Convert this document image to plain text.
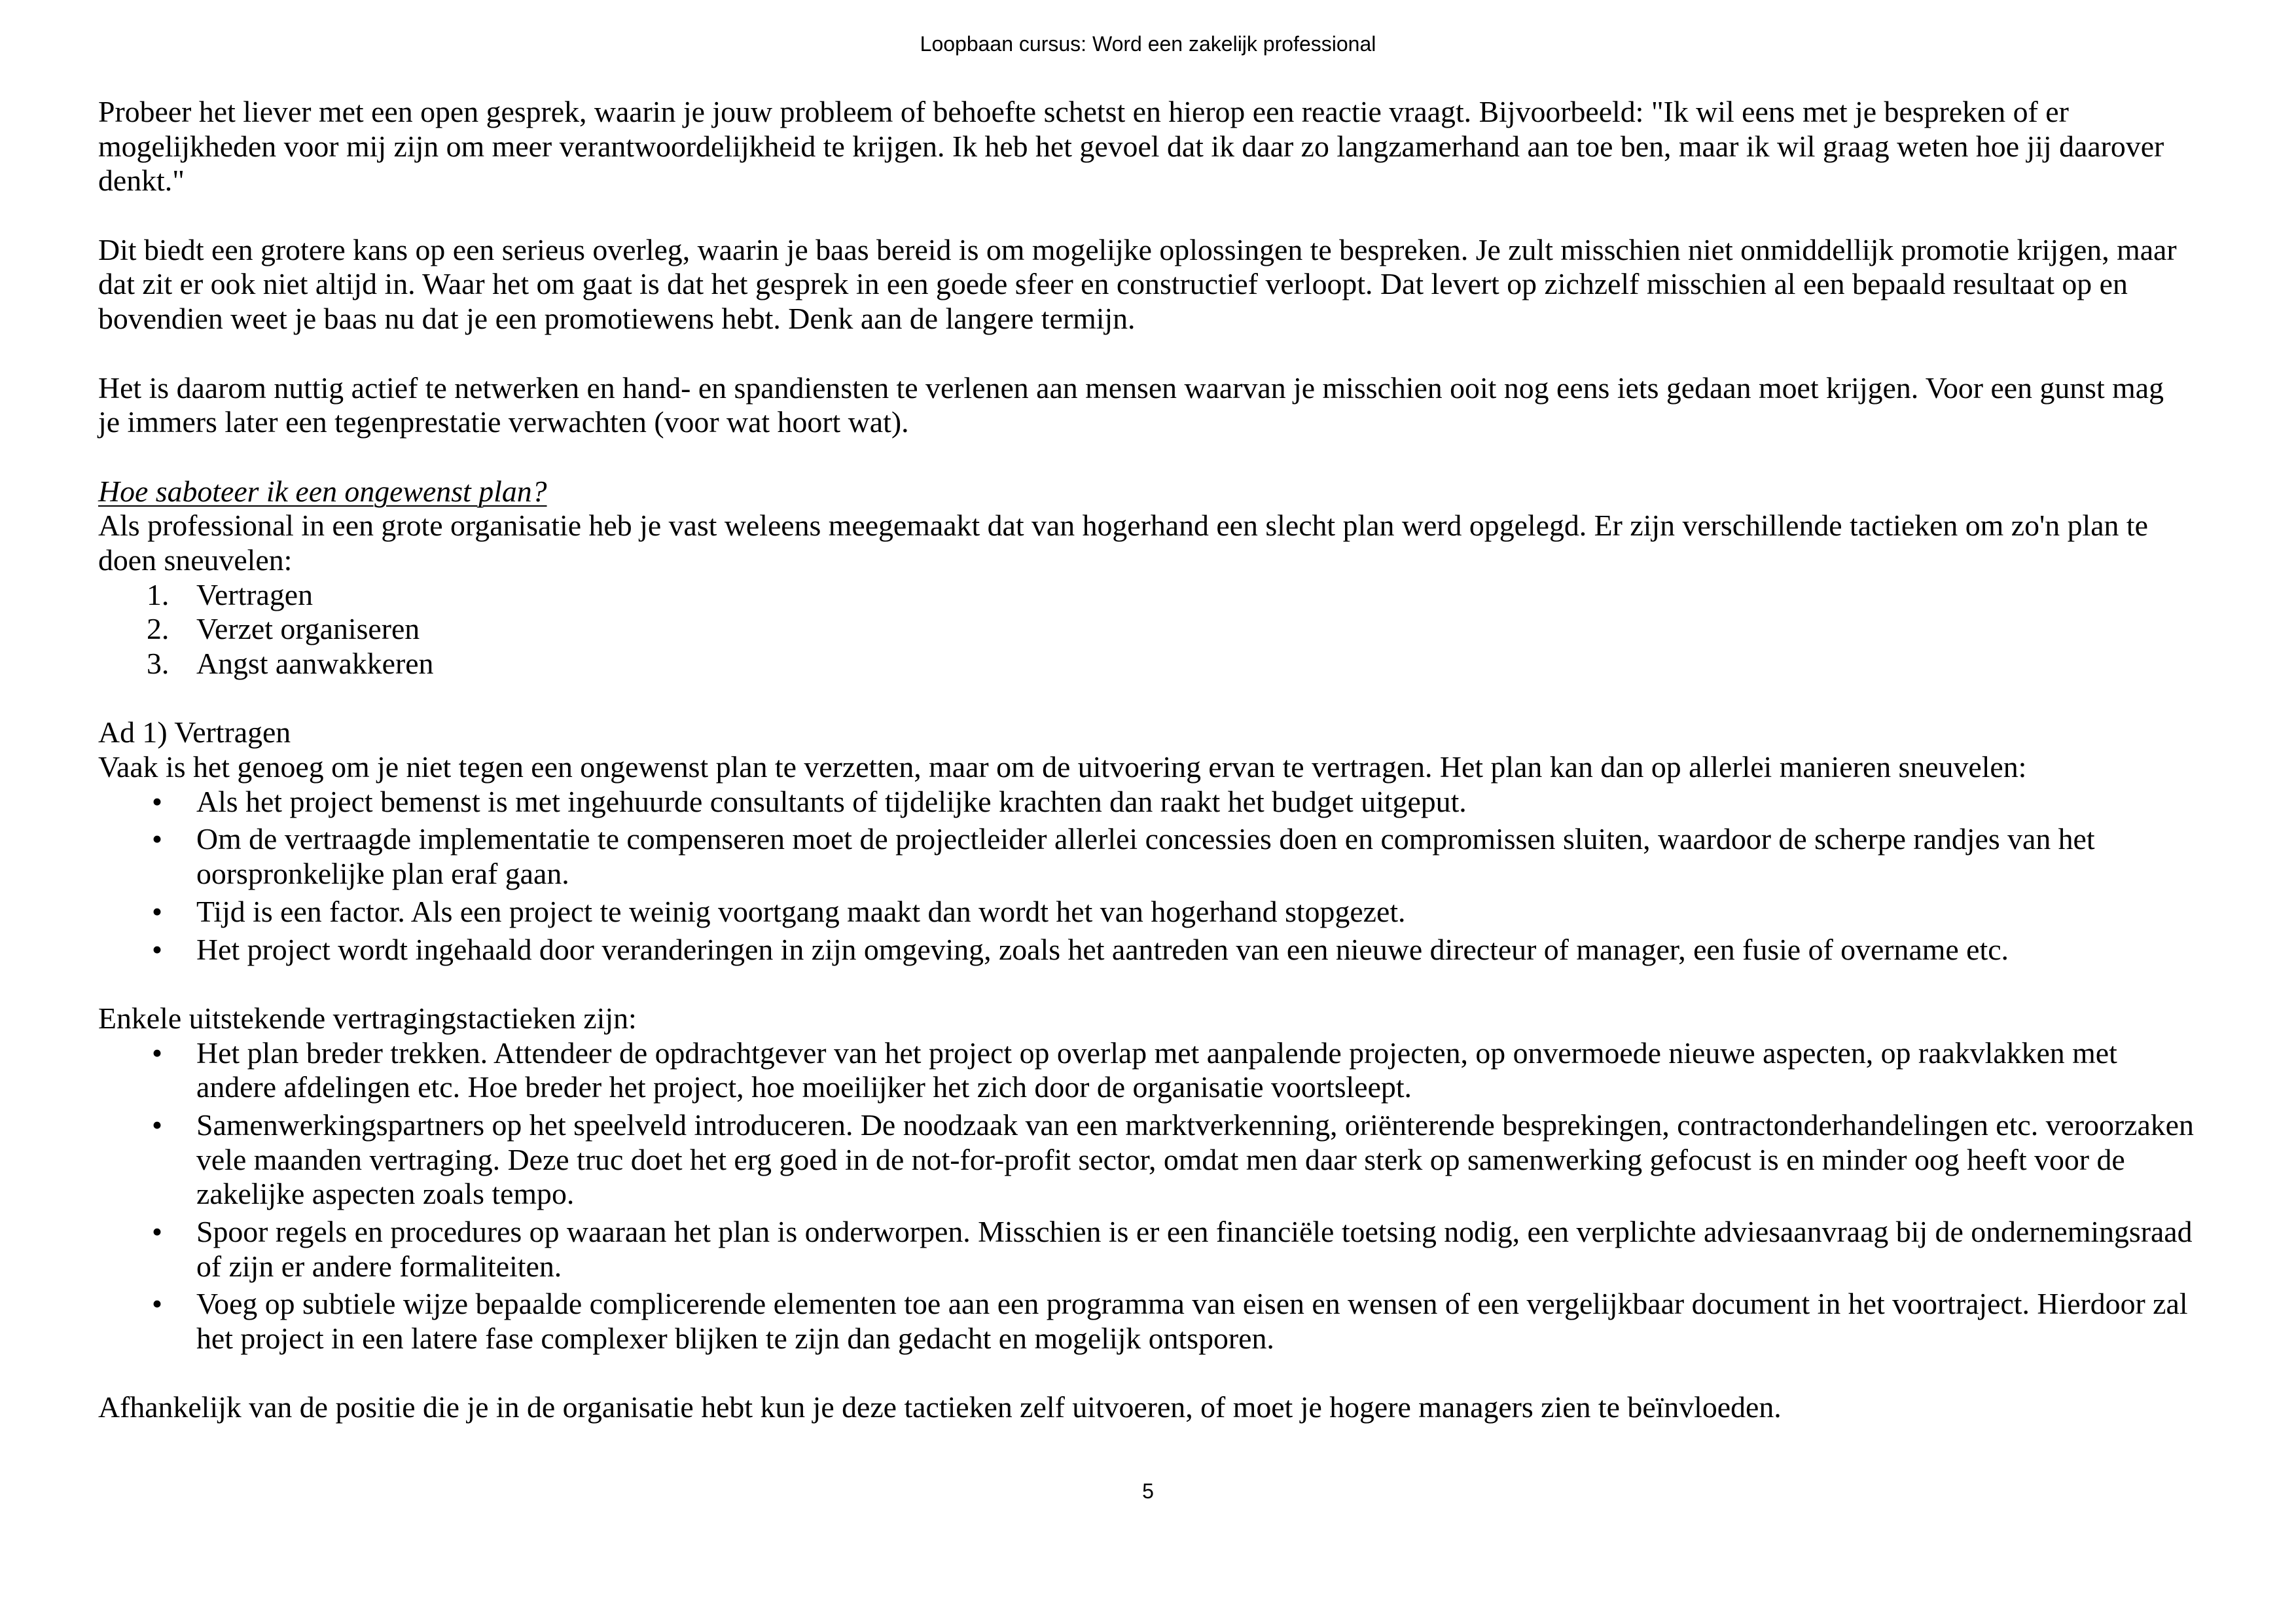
Loopbaan cursus: Word een zakelijk professional
Probeer het liever met een open gesprek, waarin je jouw probleem of behoefte schetst en hierop een reactie vraagt. Bijvoorbeeld: "Ik wil eens met je bespreken of er
mogelijkheden voor mij zijn om meer verantwoordelijkheid te krijgen. Ik heb het gevoel dat ik daar zo langzamerhand aan toe ben, maar ik wil graag weten hoe jij daarover
denkt."
Dit biedt een grotere kans op een serieus overleg, waarin je baas bereid is om mogelijke oplossingen te bespreken. Je zult misschien niet onmiddellijk promotie krijgen, maar
dat zit er ook niet altijd in. Waar het om gaat is dat het gesprek in een goede sfeer en constructief verloopt. Dat levert op zichzelf misschien al een bepaald resultaat op en
bovendien weet je baas nu dat je een promotiewens hebt. Denk aan de langere termijn.
Het is daarom nuttig actief te netwerken en hand- en spandiensten te verlenen aan mensen waarvan je misschien ooit nog eens iets gedaan moet krijgen. Voor een gunst mag
je immers later een tegenprestatie verwachten (voor wat hoort wat).
Hoe saboteer ik een ongewenst plan?
Als professional in een grote organisatie heb je vast weleens meegemaakt dat van hogerhand een slecht plan werd opgelegd. Er zijn verschillende tactieken om zo'n plan te
doen sneuvelen:
1. Vertragen
2. Verzet organiseren
3. Angst aanwakkeren
Ad 1) Vertragen
Vaak is het genoeg om je niet tegen een ongewenst plan te verzetten, maar om de uitvoering ervan te vertragen. Het plan kan dan op allerlei manieren sneuvelen:
• Als het project bemenst is met ingehuurde consultants of tijdelijke krachten dan raakt het budget uitgeput.
• Om de vertraagde implementatie te compenseren moet de projectleider allerlei concessies doen en compromissen sluiten, waardoor de scherpe randjes van het
oorspronkelijke plan eraf gaan.
• Tijd is een factor. Als een project te weinig voortgang maakt dan wordt het van hogerhand stopgezet.
• Het project wordt ingehaald door veranderingen in zijn omgeving, zoals het aantreden van een nieuwe directeur of manager, een fusie of overname etc.
Enkele uitstekende vertragingstactieken zijn:
• Het plan breder trekken. Attendeer de opdrachtgever van het project op overlap met aanpalende projecten, op onvermoede nieuwe aspecten, op raakvlakken met
andere afdelingen etc. Hoe breder het project, hoe moeilijker het zich door de organisatie voortsleept.
• Samenwerkingspartners op het speelveld introduceren. De noodzaak van een marktverkenning, oriënterende besprekingen, contractonderhandelingen etc. veroorzaken
vele maanden vertraging. Deze truc doet het erg goed in de not-for-profit sector, omdat men daar sterk op samenwerking gefocust is en minder oog heeft voor de
zakelijke aspecten zoals tempo.
• Spoor regels en procedures op waaraan het plan is onderworpen. Misschien is er een financiële toetsing nodig, een verplichte adviesaanvraag bij de ondernemingsraad
of zijn er andere formaliteiten.
• Voeg op subtiele wijze bepaalde complicerende elementen toe aan een programma van eisen en wensen of een vergelijkbaar document in het voortraject. Hierdoor zal
het project in een latere fase complexer blijken te zijn dan gedacht en mogelijk ontsporen.
Afhankelijk van de positie die je in de organisatie hebt kun je deze tactieken zelf uitvoeren, of moet je hogere managers zien te beïnvloeden.
5
